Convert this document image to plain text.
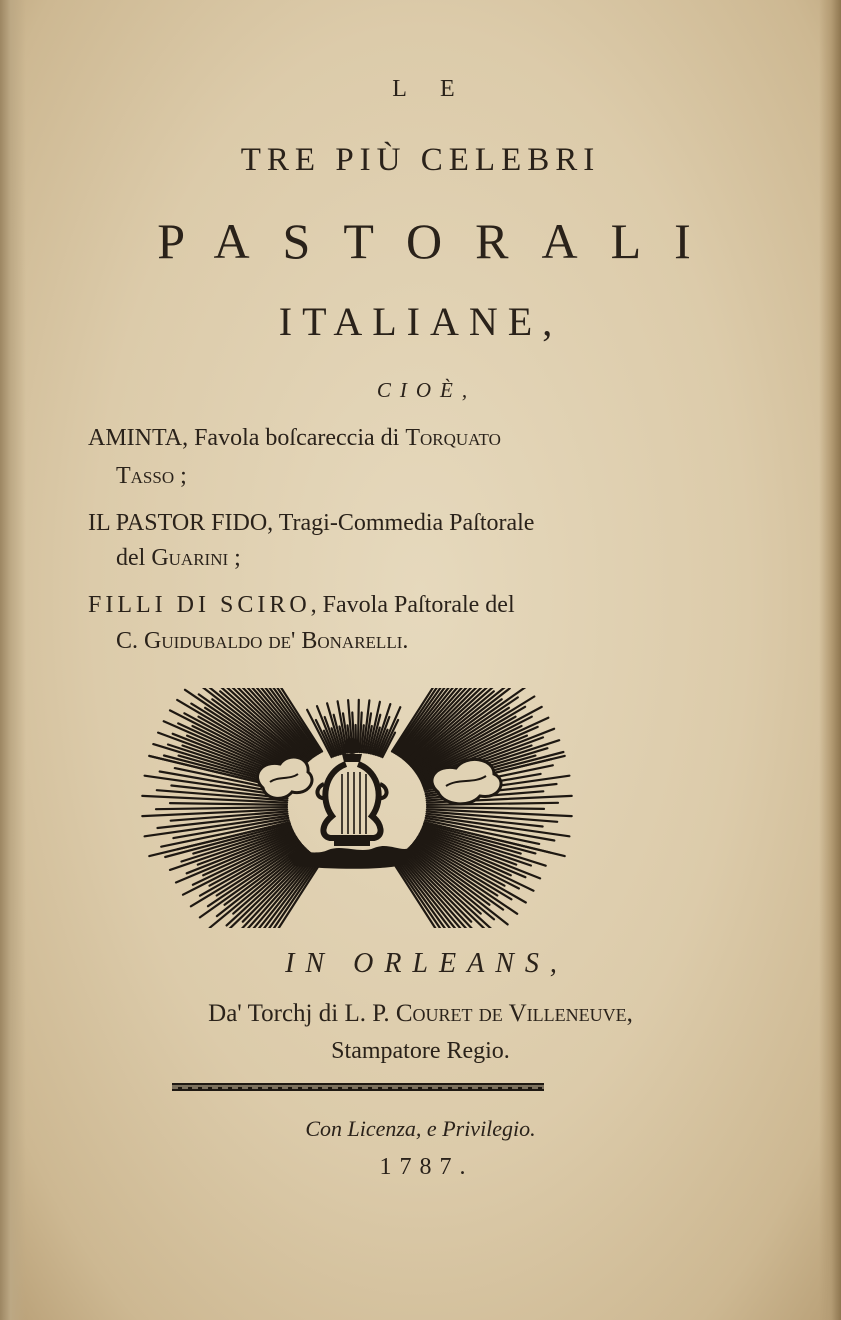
L E
TRE PIÙ CELEBRI
PASTORALI
ITALIANE,
CIOÈ,
AMINTA, Favola boſcareccia di Torquato
Tasso ;
IL PASTOR FIDO, Tragi-Commedia Paſtorale
del Guarini ;
FILLI DI SCIRO, Favola Paſtorale del
C. Guidubaldo de' Bonarelli.
IN ORLEANS,
Da' Torchj di L. P. Couret de Villeneuve,
Stampatore Regio.
Con Licenza, e Privilegio.
1787.
